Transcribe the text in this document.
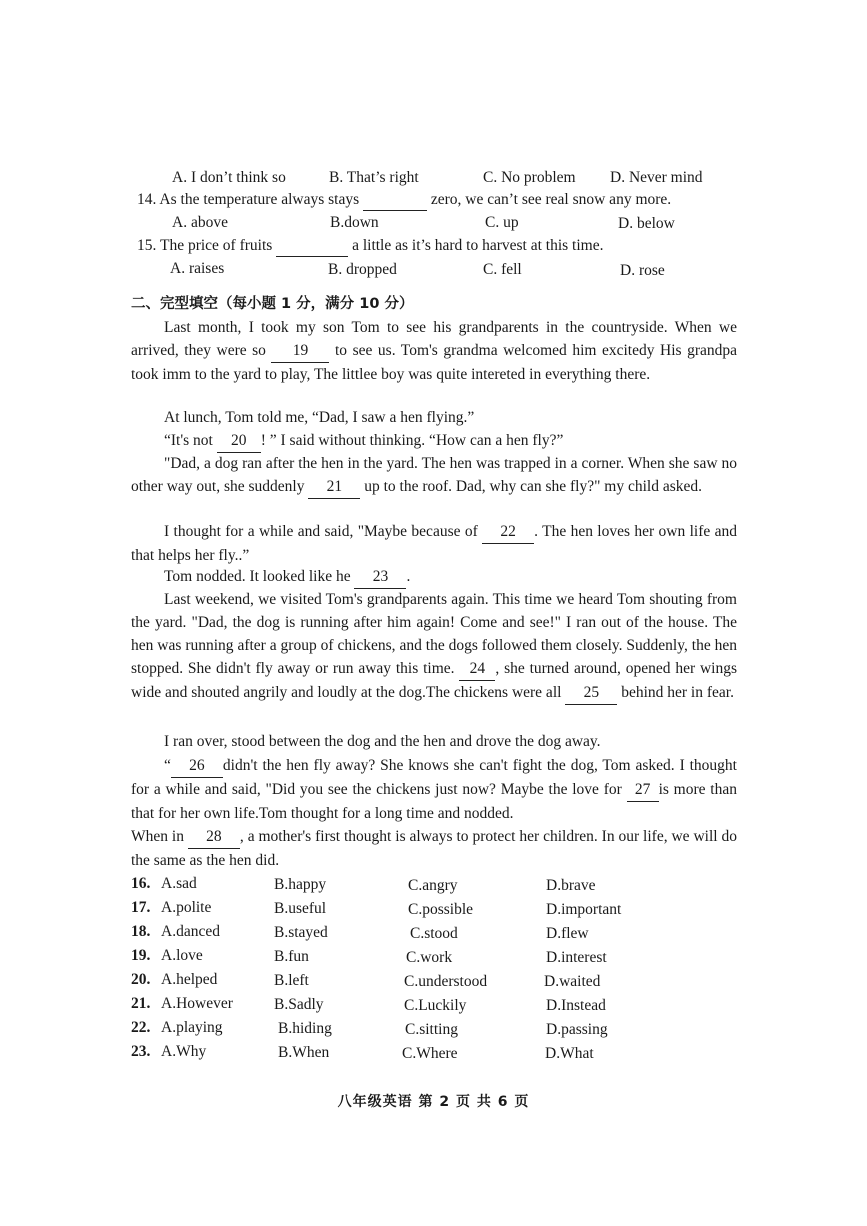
A. I don’t think so	B. That’s right	C. No problem D. Never mind
14. As the temperature always stays	zero, we can’t see real snow any more.
A. above	B.down	C. up	D. below
15. The price of fruits	a little as it’s hard to harvest at this time.
A. raises	B. dropped	C. fell	D. rose
二、完型填空（每小题 1 分，满分 10 分）
Last month, I took my son Tom to see his grandparents in the countryside. When we arrived, they were so 19 to see us. Tom's grandma welcomed him excitedy His grandpa took imm to the yard to play, The littlee boy was quite intereted in everything there.
At lunch, Tom told me, “Dad, I saw a hen flying.”
“It's not 20 ! ” I said without thinking. “How can a hen fly?”
"Dad, a dog ran after the hen in the yard. The hen was trapped in a corner. When she saw no other way out, she suddenly 21 up to the roof. Dad, why can she fly?" my child asked.
I thought for a while and said, "Maybe because of 22 . The hen loves her own life and that helps her fly..”
Tom nodded. It looked like he 23 .
Last weekend, we visited Tom's grandparents again. This time we heard Tom shouting from the yard. "Dad, the dog is running after him again! Come and see!" I ran out of the house. The hen was running after a group of chickens, and the dogs followed them closely. Suddenly, the hen stopped. She didn't fly away or run away this time. 24 , she turned around, opened her wings wide and shouted angrily and loudly at the dog.The chickens were all 25 behind her in fear.
I ran over, stood between the dog and the hen and drove the dog away.
“ 26 didn't the hen fly away? She knows she can't fight the dog, Tom asked. I thought for a while and said, "Did you see the chickens just now? Maybe the love for 27 is more than that for her own life.Tom thought for a long time and nodded.
When in 28 , a mother's first thought is always to protect her children. In our life, we will do the same as the hen did.
16. A.sad	B.happy	C.angry	D.brave
17. A.polite	B.useful	C.possible	D.important
18. A.danced	B.stayed	C.stood	D.flew
19. A.love	B.fun	C.work	D.interest
20. A.helped	B.left	C.understood	D.waited
21. A.However	B.Sadly	C.Luckily	D.Instead
22. A.playing	B.hiding	C.sitting	D.passing
23. A.Why	B.When	C.Where	D.What
八年级英语 第 2 页 共 6 页
